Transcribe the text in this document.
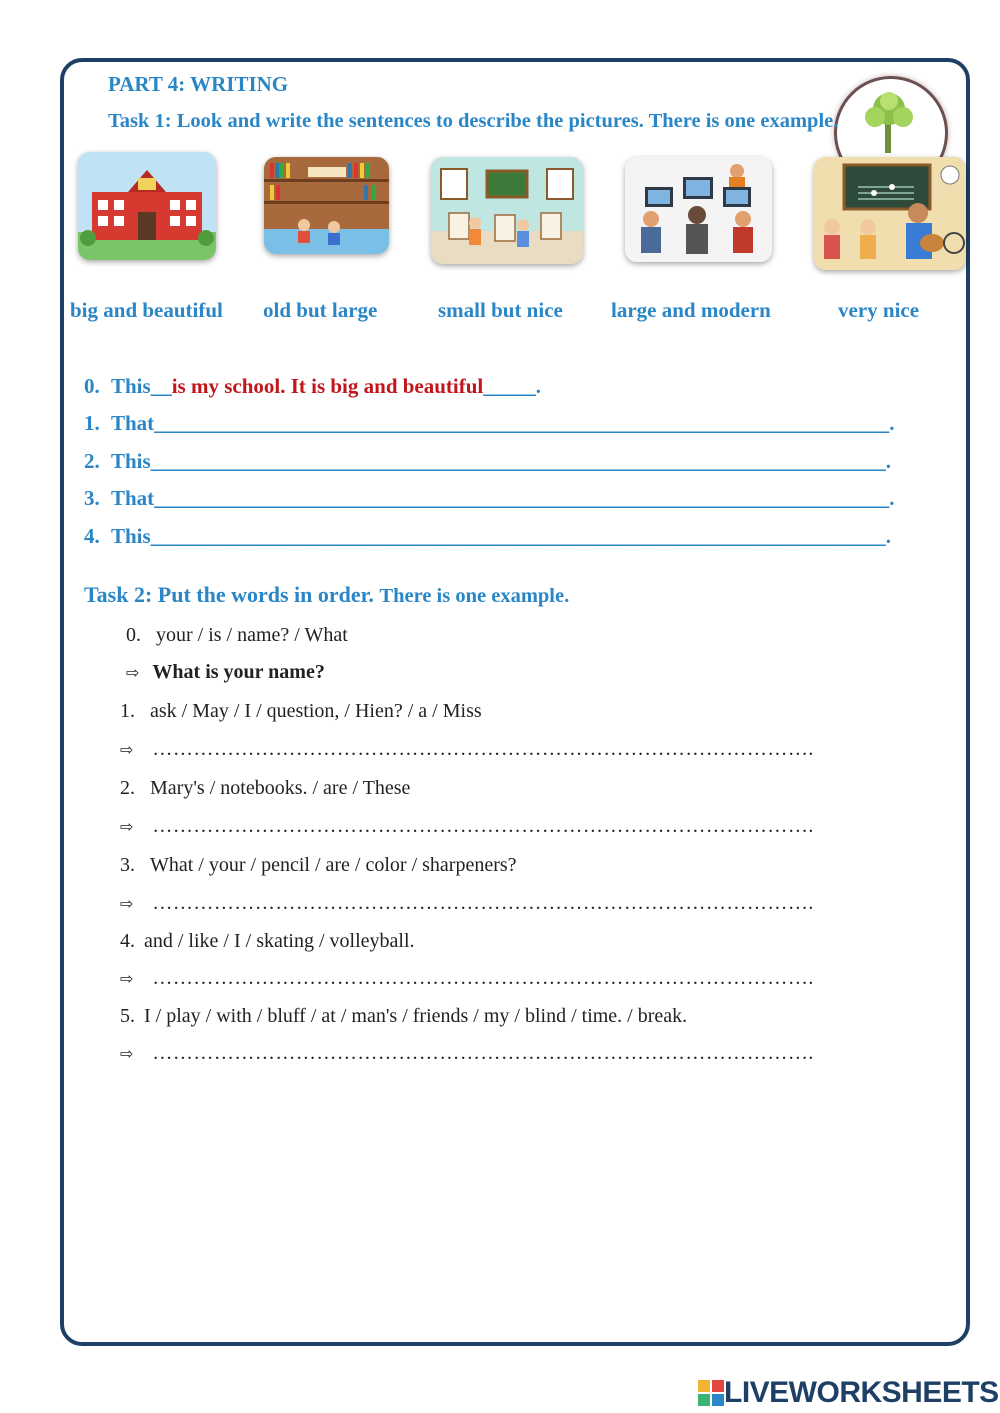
PART 4: WRITING
Task 1: Look and write the sentences to describe the pictures. There is one example.
big and beautiful old but large	small but nice large and modern	very nice
0. This__is my school. It is big and beautiful_____.
1. That______________________________________________________________________.
2. This______________________________________________________________________.
3. That______________________________________________________________________.
4. This______________________________________________________________________.
Task 2: Put the words in order. There is one example.
0. your / is / name? / What
⇨ What is your name?
1. ask / May / I / question, / Hien? / a / Miss
⇨ …………………………………………………………………………………….
2. Mary's / notebooks. / are / These
⇨ …………………………………………………………………………………….
3. What / your / pencil / are / color / sharpeners?
⇨ …………………………………………………………………………………….
4. and / like / I / skating / volleyball.
⇨ …………………………………………………………………………………….
5. I / play / with / bluff / at / man's / friends / my / blind / time. / break.
⇨ …………………………………………………………………………………….
LIVEWORKSHEETS
